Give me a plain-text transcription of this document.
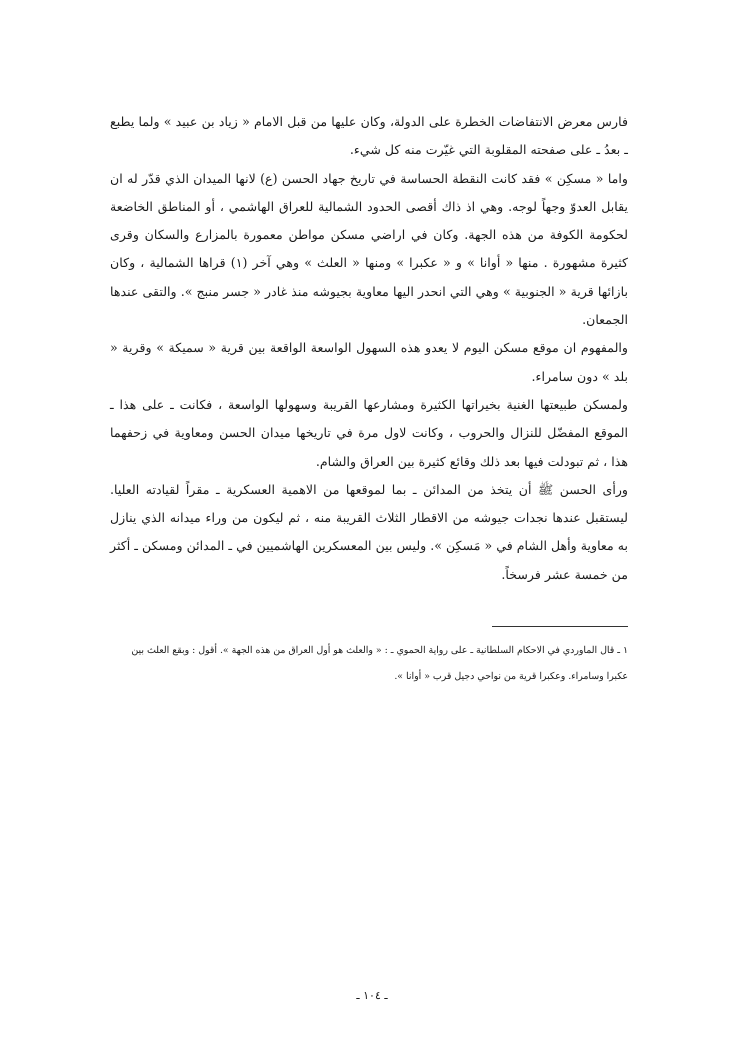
فارس معرض الانتفاضات الخطرة على الدولة، وكان عليها من قبل الامام « زياد بن عبيد » ولما يطبع ـ بعدُ ـ على صفحته المقلوبة التي غيّرت منه كل شيء.

واما « مسكِن » فقد كانت النقطة الحساسة في تاريخ جهاد الحسن (ع) لانها الميدان الذي قدّر له ان يقابل العدوّ وجهاً لوجه. وهي اذ ذاك أقصى الحدود الشمالية للعراق الهاشمي ، أو المناطق الخاضعة لحكومة الكوفة من هذه الجهة. وكان في اراضي مسكن مواطن معمورة بالمزارع والسكان وقرى كثيرة مشهورة . منها « أوانا » و « عكبرا » ومنها « العلث » وهي آخر (١) قراها الشمالية ، وكان بازائها قرية « الجنوبية » وهي التي انحدر اليها معاوية بجيوشه منذ غادر « جسر منبج ». والتقى عندها الجمعان.

والمفهوم ان موقع مسكن اليوم لا يعدو هذه السهول الواسعة الواقعة بين قرية « سميكة » وقرية « بلد » دون سامراء.

ولمسكن طبيعتها الغنية بخيراتها الكثيرة ومشارعها القريبة وسهولها الواسعة ، فكانت ـ على هذا ـ الموقع المفضّل للنزال والحروب ، وكانت لاول مرة في تاريخها ميدان الحسن ومعاوية في زحفهما هذا ، ثم تبودلت فيها بعد ذلك وقائع كثيرة بين العراق والشام.

ورأى الحسن ﷺ أن يتخذ من المدائن ـ بما لموقعها من الاهمية العسكرية ـ مقراً لقيادته العليا. ليستقبل عندها نجدات جيوشه من الاقطار الثلاث القريبة منه ، ثم ليكون من وراء ميدانه الذي ينازل به معاوية وأهل الشام في « مَسكِن ». وليس بين المعسكرين الهاشميين في ـ المدائن ومسكن ـ أكثر من خمسة عشر فرسخاً.

١ ـ قال الماوردي في الاحكام السلطانية ـ على رواية الحموي ـ : « والعلث هو أول العراق من هذه الجهة ». أقول : وبقع العلث بين عكبرا وسامراء. وعكبرا قرية من نواحي دجيل قرب « أوانا ».

ـ ١٠٤ ـ
